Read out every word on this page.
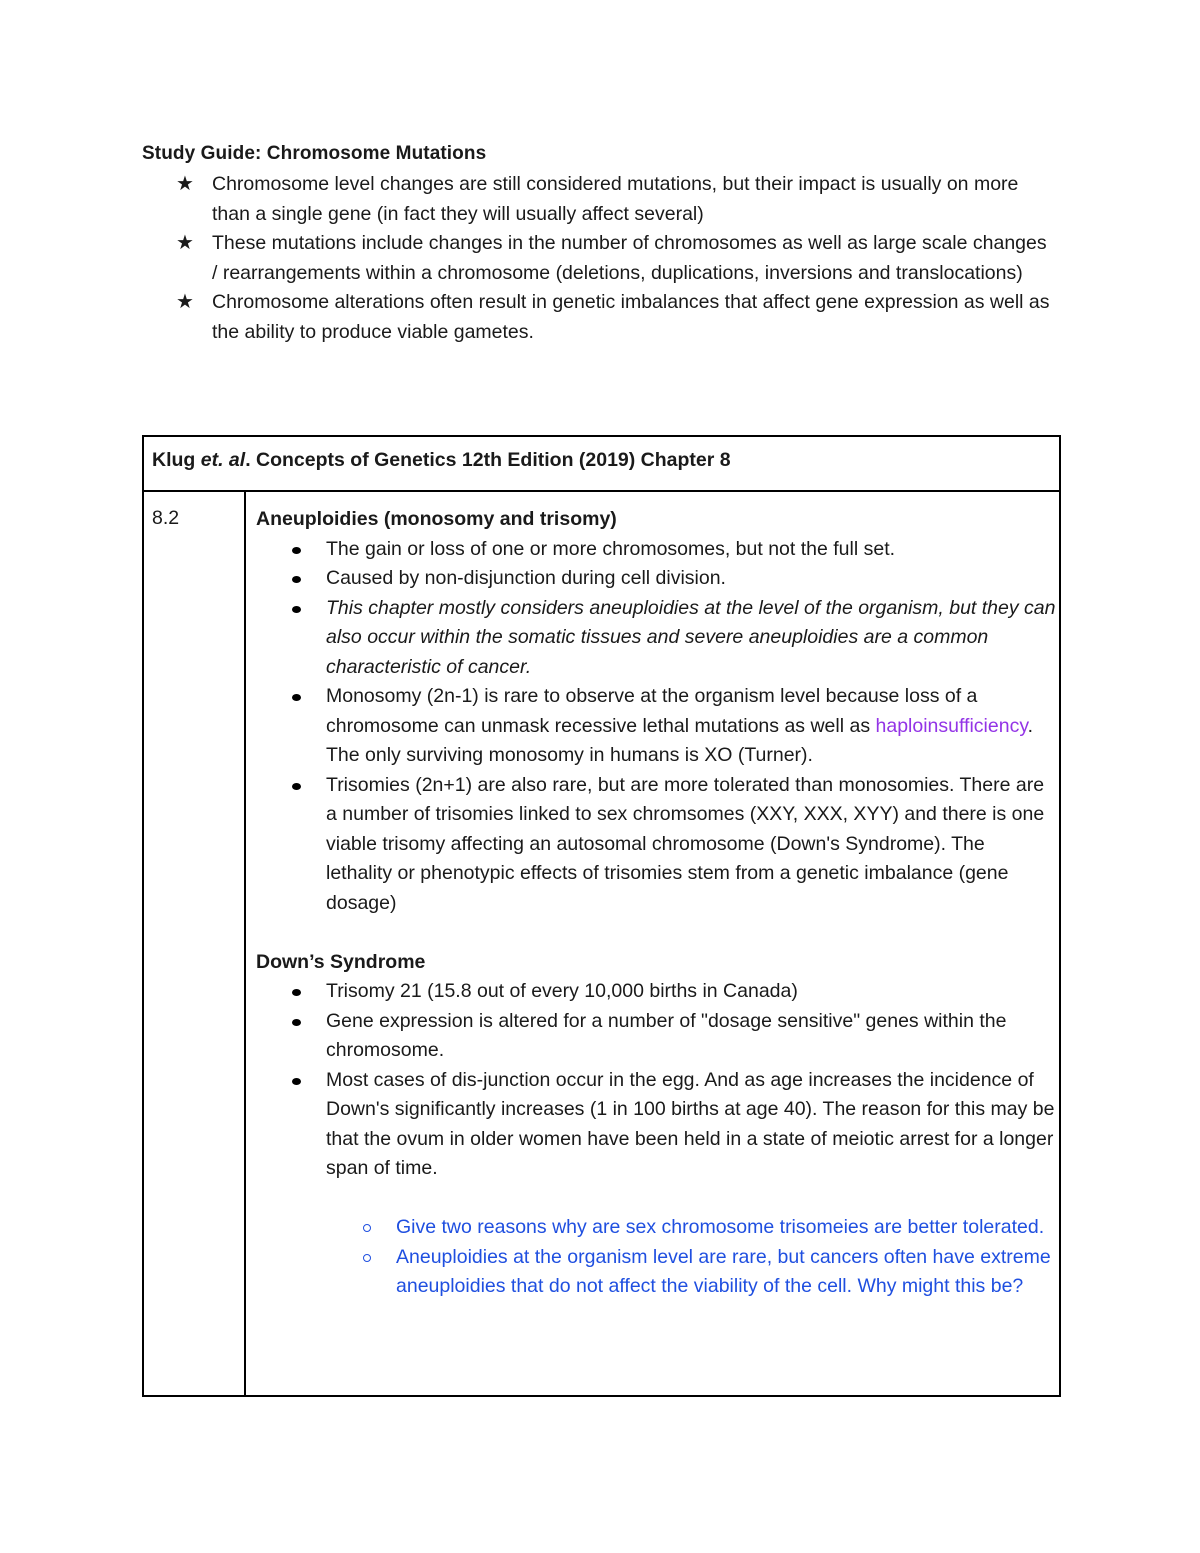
Study Guide: Chromosome Mutations
★ Chromosome level changes are still considered mutations, but their impact is usually on more than a single gene (in fact they will usually affect several)
★ These mutations include changes in the number of chromosomes as well as large scale changes / rearrangements within a chromosome (deletions, duplications, inversions and translocations)
★ Chromosome alterations often result in genetic imbalances that affect gene expression as well as the ability to produce viable gametes.
Klug et. al. Concepts of Genetics 12th Edition (2019) Chapter 8
8.2	Aneuploidies (monosomy and trisomy)

The gain or loss of one or more chromosomes, but not the full set.
Caused by non-disjunction during cell division.
This chapter mostly considers aneuploidies at the level of the organism, but they can also occur within the somatic tissues and severe aneuploidies are a common characteristic of cancer.
Monosomy (2n-1) is rare to observe at the organism level because loss of a chromosome can unmask recessive lethal mutations as well as haploinsufficiency. The only surviving monosomy in humans is XO (Turner).
Trisomies (2n+1) are also rare, but are more tolerated than monosomies. There are a number of trisomies linked to sex chromsomes (XXY, XXX, XYY) and there is one viable trisomy affecting an autosomal chromosome (Down's Syndrome). The lethality or phenotypic effects of trisomies stem from a genetic imbalance (gene dosage)

Down’s Syndrome

Trisomy 21 (15.8 out of every 10,000 births in Canada)
Gene expression is altered for a number of "dosage sensitive" genes within the chromosome.
Most cases of dis-junction occur in the egg. And as age increases the incidence of Down's significantly increases (1 in 100 births at age 40). The reason for this may be that the ovum in older women have been held in a state of meiotic arrest for a longer span of time.
Give two reasons why are sex chromosome trisomeies are better tolerated.
Aneuploidies at the organism level are rare, but cancers often have extreme aneuploidies that do not affect the viability of the cell. Why might this be?
